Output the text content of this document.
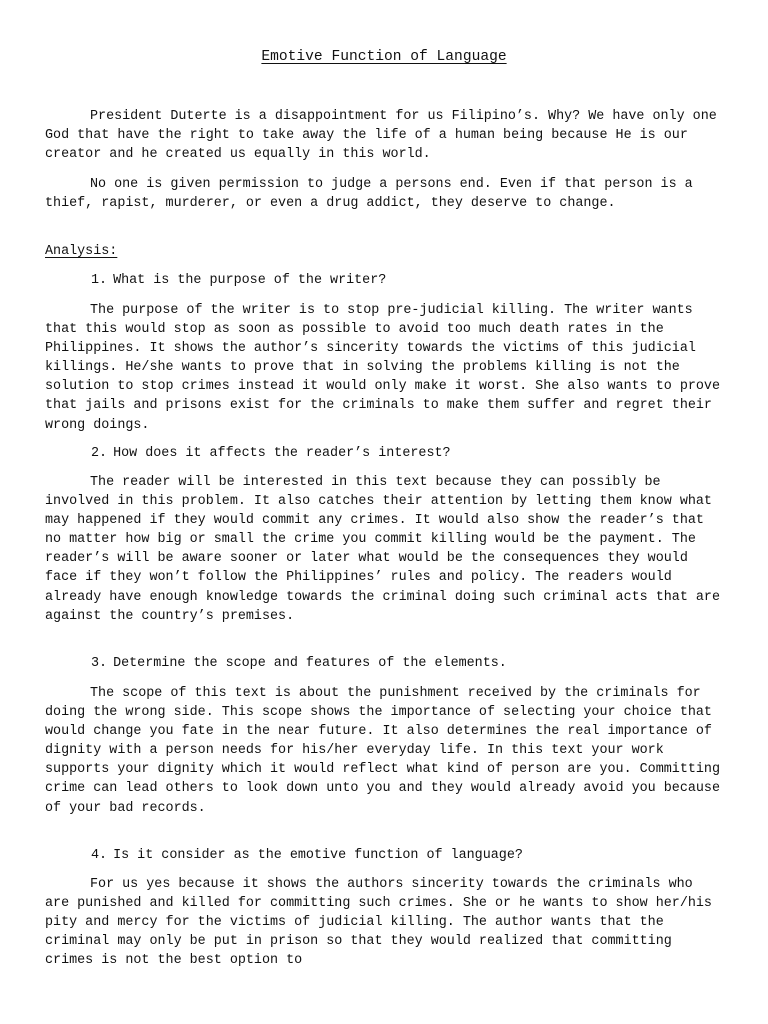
Emotive Function of Language

President Duterte is a disappointment for us Filipino’s. Why? We have only one God that have the right to take away the life of a human being because He is our creator and he created us equally in this world.

No one is given permission to judge a persons end. Even if that person is a thief, rapist, murderer, or even a drug addict, they deserve to change.

Analysis:

1. What is the purpose of the writer?

The purpose of the writer is to stop pre-judicial killing. The writer wants that this would stop as soon as possible to avoid too much death rates in the Philippines. It shows the author’s sincerity towards the victims of this judicial killings. He/she wants to prove that in solving the problems killing is not the solution to stop crimes instead it would only make it worst. She also wants to prove that jails and prisons exist for the criminals to make them suffer and regret their wrong doings.

2. How does it affects the reader’s interest?

The reader will be interested in this text because they can possibly be involved in this problem. It also catches their attention by letting them know what may happened if they would commit any crimes. It would also show the reader’s that no matter how big or small the crime you commit killing would be the payment. The reader’s will be aware sooner or later what would be the consequences they would face if they won’t follow the Philippines’ rules and policy. The readers would already have enough knowledge towards the criminal doing such criminal acts that are against the country’s premises.

3. Determine the scope and features of the elements.

The scope of this text is about the punishment received by the criminals for doing the wrong side. This scope shows the importance of selecting your choice that would change you fate in the near future. It also determines the real importance of dignity with a person needs for his/her everyday life. In this text your work supports your dignity which it would reflect what kind of person are you. Committing crime can lead others to look down unto you and they would already avoid you because of your bad records.

4. Is it consider as the emotive function of language?

For us yes because it shows the authors sincerity towards the criminals who are punished and killed for committing such crimes. She or he wants to show her/his pity and mercy for the victims of judicial killing. The author wants that the criminal may only be put in prison so that they would realized that committing crimes is not the best option to
